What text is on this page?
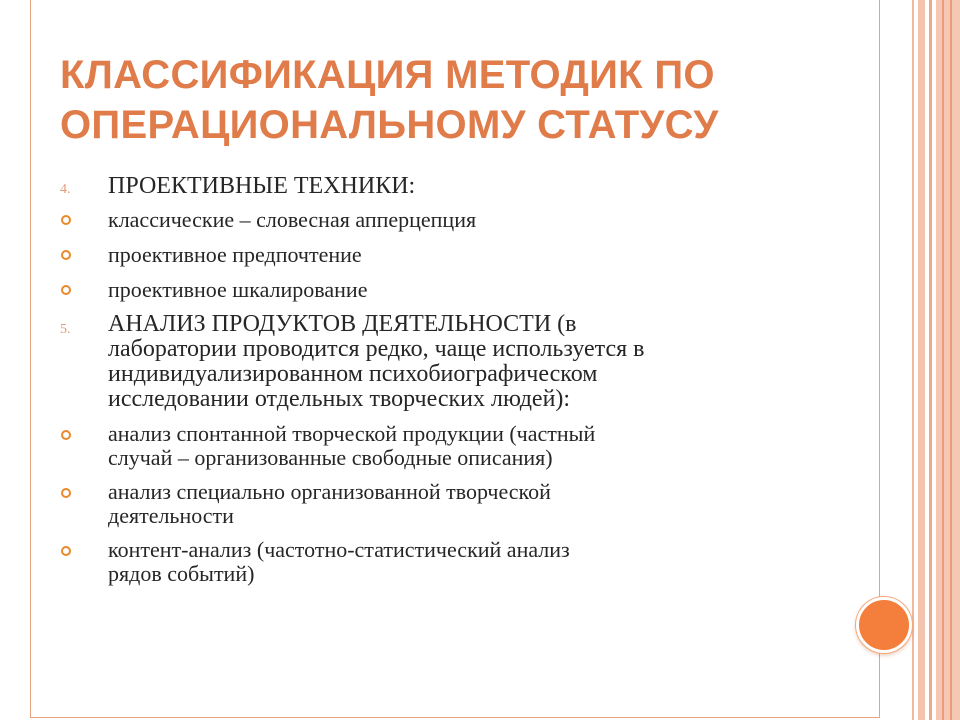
КЛАССИФИКАЦИЯ МЕТОДИК ПО
ОПЕРАЦИОНАЛЬНОМУ СТАТУСУ
4.	ПРОЕКТИВНЫЕ ТЕХНИКИ:
классические – словесная апперцепция
проективное предпочтение
проективное шкалирование
5.	АНАЛИЗ ПРОДУКТОВ ДЕЯТЕЛЬНОСТИ (в
лаборатории проводится редко, чаще используется в
индивидуализированном психобиографическом
исследовании отдельных творческих людей):
анализ спонтанной творческой продукции (частный
случай – организованные свободные описания)
анализ специально организованной творческой
деятельности
контент-анализ (частотно-статистический анализ
рядов событий)
